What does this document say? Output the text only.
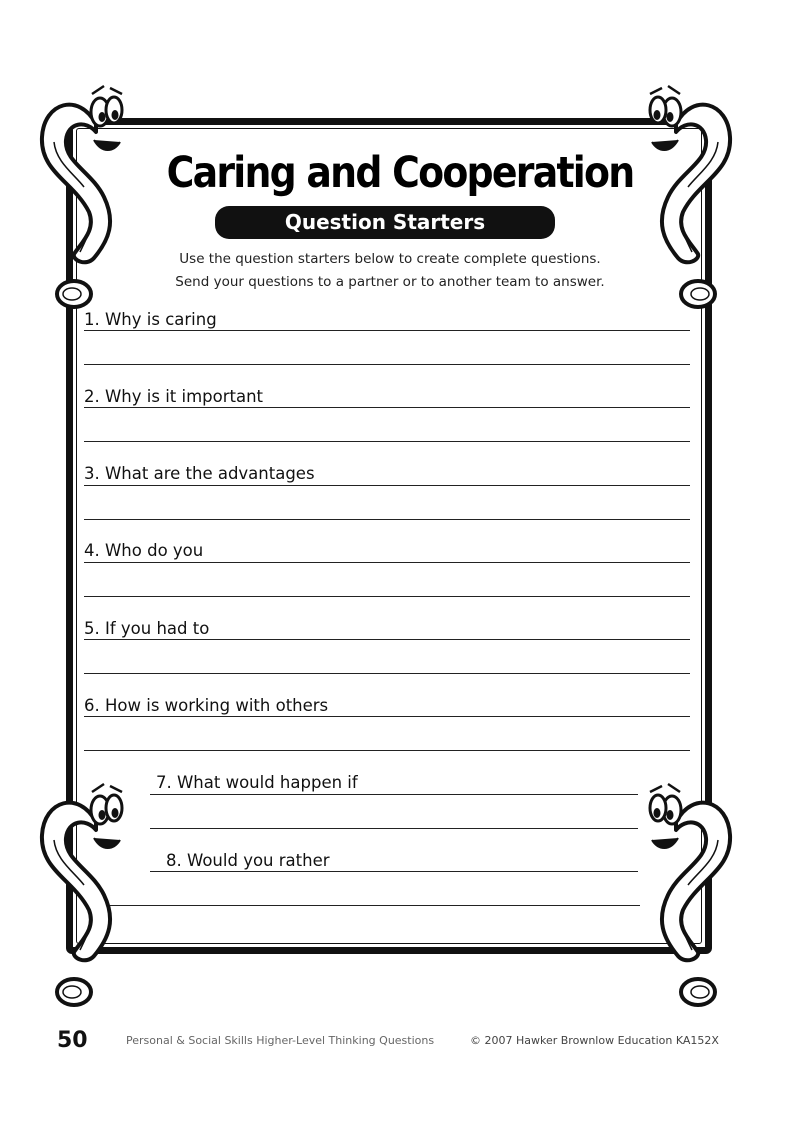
Caring and Cooperation
Question Starters
Use the question starters below to create complete questions.
Send your questions to a partner or to another team to answer.
1. Why is caring
2. Why is it important
3. What are the advantages
4. Who do you
5. If you had to
6. How is working with others
7. What would happen if
8. Would you rather
50	Personal & Social Skills Higher-Level Thinking Questions	© 2007 Hawker Brownlow Education KA152X
